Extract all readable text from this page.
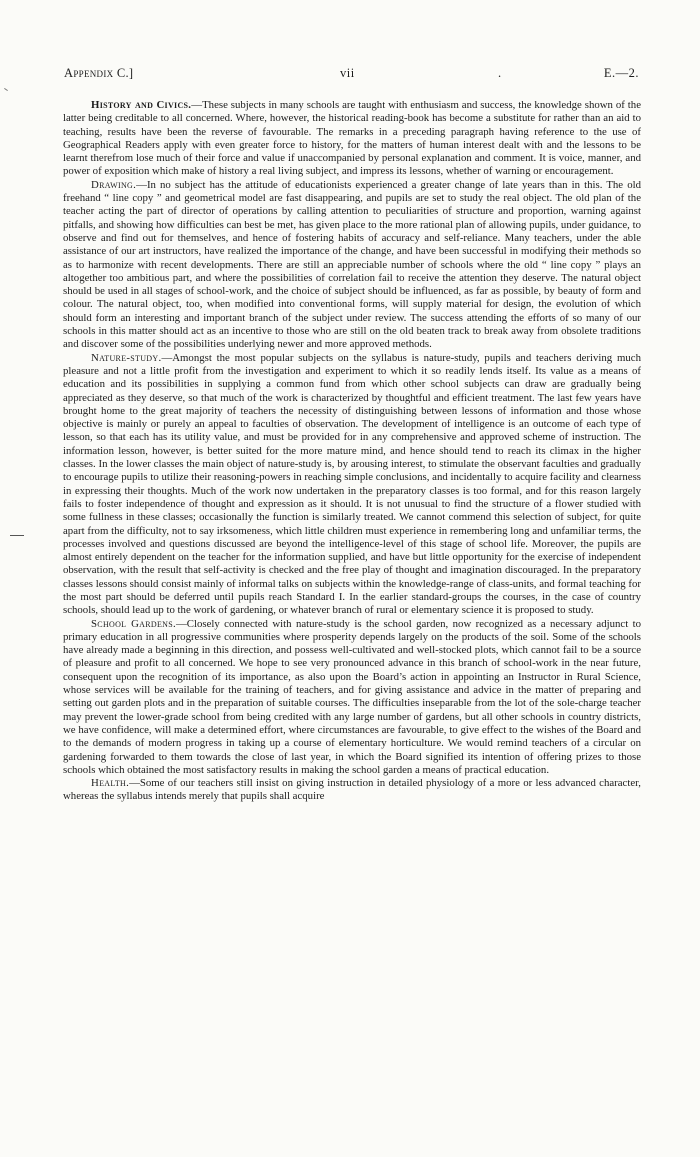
Appendix C.]	vii	.	E.—2.

History and Civics.—These subjects in many schools are taught with enthusiasm and success, the knowledge shown of the latter being creditable to all concerned. Where, however, the historical reading-book has become a substitute for rather than an aid to teaching, results have been the reverse of favourable. The remarks in a preceding paragraph having reference to the use of Geographical Readers apply with even greater force to history, for the matters of human interest dealt with and the lessons to be learnt therefrom lose much of their force and value if unaccompanied by personal explanation and comment. It is voice, manner, and power of exposition which make of history a real living subject, and impress its lessons, whether of warning or encouragement.

Drawing.—In no subject has the attitude of educationists experienced a greater change of late years than in this. The old freehand “ line copy ” and geometrical model are fast disappearing, and pupils are set to study the real object. The old plan of the teacher acting the part of director of operations by calling attention to peculiarities of structure and proportion, warning against pitfalls, and showing how difficulties can best be met, has given place to the more rational plan of allowing pupils, under guidance, to observe and find out for themselves, and hence of fostering habits of accuracy and self-reliance. Many teachers, under the able assistance of our art instructors, have realized the importance of the change, and have been successful in modifying their methods so as to harmonize with recent developments. There are still an appreciable number of schools where the old “ line copy ” plays an altogether too ambitious part, and where the possibilities of correlation fail to receive the attention they deserve. The natural object should be used in all stages of school-work, and the choice of subject should be influenced, as far as possible, by beauty of form and colour. The natural object, too, when modified into conventional forms, will supply material for design, the evolution of which should form an interesting and important branch of the subject under review. The success attending the efforts of so many of our schools in this matter should act as an incentive to those who are still on the old beaten track to break away from obsolete traditions and discover some of the possibilities underlying newer and more approved methods.

Nature-study.—Amongst the most popular subjects on the syllabus is nature-study, pupils and teachers deriving much pleasure and not a little profit from the investigation and experiment to which it so readily lends itself. Its value as a means of education and its possibilities in supplying a common fund from which other school subjects can draw are gradually being appreciated as they deserve, so that much of the work is characterized by thoughtful and efficient treatment. The last few years have brought home to the great majority of teachers the necessity of distinguishing between lessons of information and those whose objective is mainly or purely an appeal to faculties of observation. The development of intelligence is an outcome of each type of lesson, so that each has its utility value, and must be provided for in any comprehensive and approved scheme of instruction. The information lesson, however, is better suited for the more mature mind, and hence should tend to reach its climax in the higher classes. In the lower classes the main object of nature-study is, by arousing interest, to stimulate the observant faculties and gradually to encourage pupils to utilize their reasoning-powers in reaching simple conclusions, and incidentally to acquire facility and clearness in expressing their thoughts. Much of the work now undertaken in the preparatory classes is too formal, and for this reason largely fails to foster independence of thought and expression as it should. It is not unusual to find the structure of a flower studied with some fullness in these classes; occasionally the function is similarly treated. We cannot commend this selection of subject, for quite apart from the difficulty, not to say irksomeness, which little children must experience in remembering long and unfamiliar terms, the processes involved and questions discussed are beyond the intelligence-level of this stage of school life. Moreover, the pupils are almost entirely dependent on the teacher for the information supplied, and have but little opportunity for the exercise of independent observation, with the result that self-activity is checked and the free play of thought and imagination discouraged. In the preparatory classes lessons should consist mainly of informal talks on subjects within the knowledge-range of class-units, and formal teaching for the most part should be deferred until pupils reach Standard I. In the earlier standard-groups the courses, in the case of country schools, should lead up to the work of gardening, or whatever branch of rural or elementary science it is proposed to study.

School Gardens.—Closely connected with nature-study is the school garden, now recognized as a necessary adjunct to primary education in all progressive communities where prosperity depends largely on the products of the soil. Some of the schools have already made a beginning in this direction, and possess well-cultivated and well-stocked plots, which cannot fail to be a source of pleasure and profit to all concerned. We hope to see very pronounced advance in this branch of school-work in the near future, consequent upon the recognition of its importance, as also upon the Board’s action in appointing an Instructor in Rural Science, whose services will be available for the training of teachers, and for giving assistance and advice in the matter of preparing and setting out garden plots and in the preparation of suitable courses. The difficulties inseparable from the lot of the sole-charge teacher may prevent the lower-grade school from being credited with any large number of gardens, but all other schools in country districts, we have confidence, will make a determined effort, where circumstances are favourable, to give effect to the wishes of the Board and to the demands of modern progress in taking up a course of elementary horticulture. We would remind teachers of a circular on gardening forwarded to them towards the close of last year, in which the Board signified its intention of offering prizes to those schools which obtained the most satisfactory results in making the school garden a means of practical education.

Health.—Some of our teachers still insist on giving instruction in detailed physiology of a more or less advanced character, whereas the syllabus intends merely that pupils shall acquire
